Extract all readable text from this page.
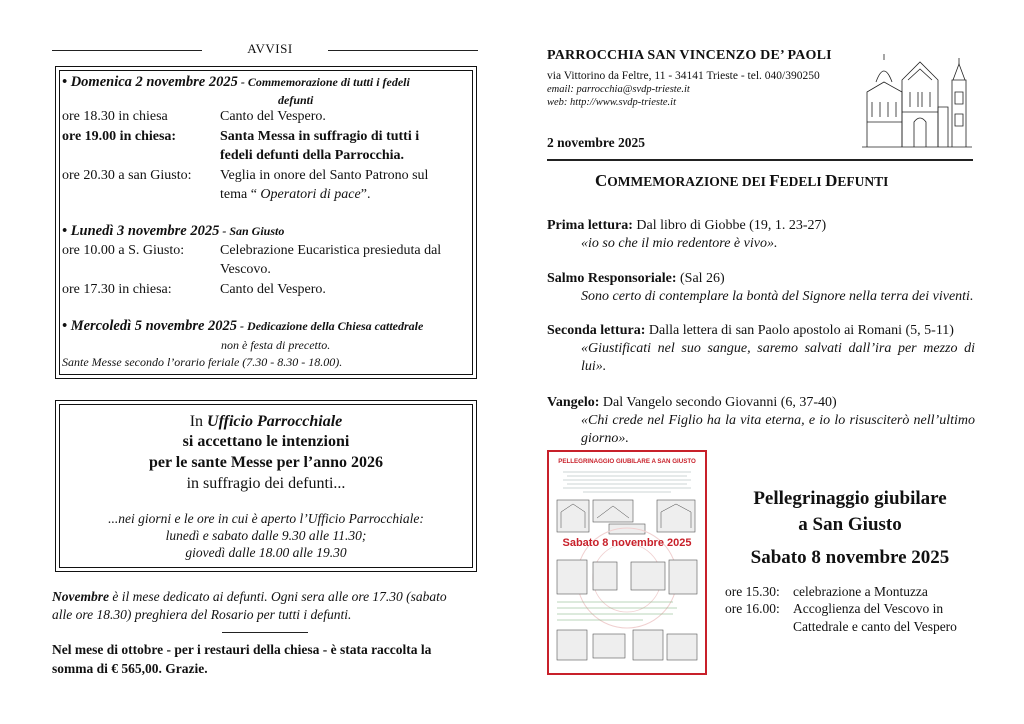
AVVISI
• Domenica 2 novembre 2025 - Commemorazione di tutti i fedeli
defunti
ore 18.30 in chiesa	Canto del Vespero.
ore 19.00 in chiesa:	Santa Messa in suffragio di tutti i
fedeli defunti della Parrocchia.
ore 20.30 a san Giusto: Veglia in onore del Santo Patrono sul
tema “ Operatori di pace”.
• Lunedì 3 novembre 2025 - San Giusto
ore 10.00 a S. Giusto:	Celebrazione Eucaristica presieduta dal
Vescovo.
ore 17.30 in chiesa:	Canto del Vespero.
• Mercoledì 5 novembre 2025 - Dedicazione della Chiesa cattedrale
non è festa di precetto.
Sante Messe secondo l’orario feriale (7.30 - 8.30 - 18.00).
In Ufficio Parrocchiale
si accettano le intenzioni
per le sante Messe per l’anno 2026
in suffragio dei defunti...
...nei giorni e le ore in cui è aperto l’Ufficio Parrocchiale:
lunedì e sabato dalle 9.30 alle 11.30;
giovedì dalle 18.00 alle 19.30
Novembre è il mese dedicato ai defunti. Ogni sera alle ore 17.30 (sabato
alle ore 18.30) preghiera del Rosario per tutti i defunti.
Nel mese di ottobre - per i restauri della chiesa - è stata raccolta la
somma di € 565,00. Grazie.
PARROCCHIA SAN VINCENZO DE’ PAOLI
via Vittorino da Feltre, 11 - 34141 Trieste - tel. 040/390250
email: parrocchia@svdp-trieste.it
web: http://www.svdp-trieste.it
2 novembre 2025
COMMEMORAZIONE DEI FEDELI DEFUNTI
Prima lettura: Dal libro di Giobbe (19, 1. 23-27)
«io so che il mio redentore è vivo».
Salmo Responsoriale: (Sal 26)
Sono certo di contemplare la bontà del Signore nella terra dei viventi.
Seconda lettura: Dalla lettera di san Paolo apostolo ai Romani (5, 5-11)
«Giustificati nel suo sangue, saremo salvati dall’ira per mezzo di lui».
Vangelo: Dal Vangelo secondo Giovanni (6, 37-40)
«Chi crede nel Figlio ha la vita eterna, e io lo risusciterò nell’ultimo giorno».
PELLEGRINAGGIO GIUBILARE A SAN GIUSTO
Sabato 8 novembre 2025
Pellegrinaggio giubilare
a San Giusto
Sabato 8 novembre 2025
ore 15.30: celebrazione a Montuzza
ore 16.00: Accoglienza del Vescovo in
Cattedrale e canto del Vespero
